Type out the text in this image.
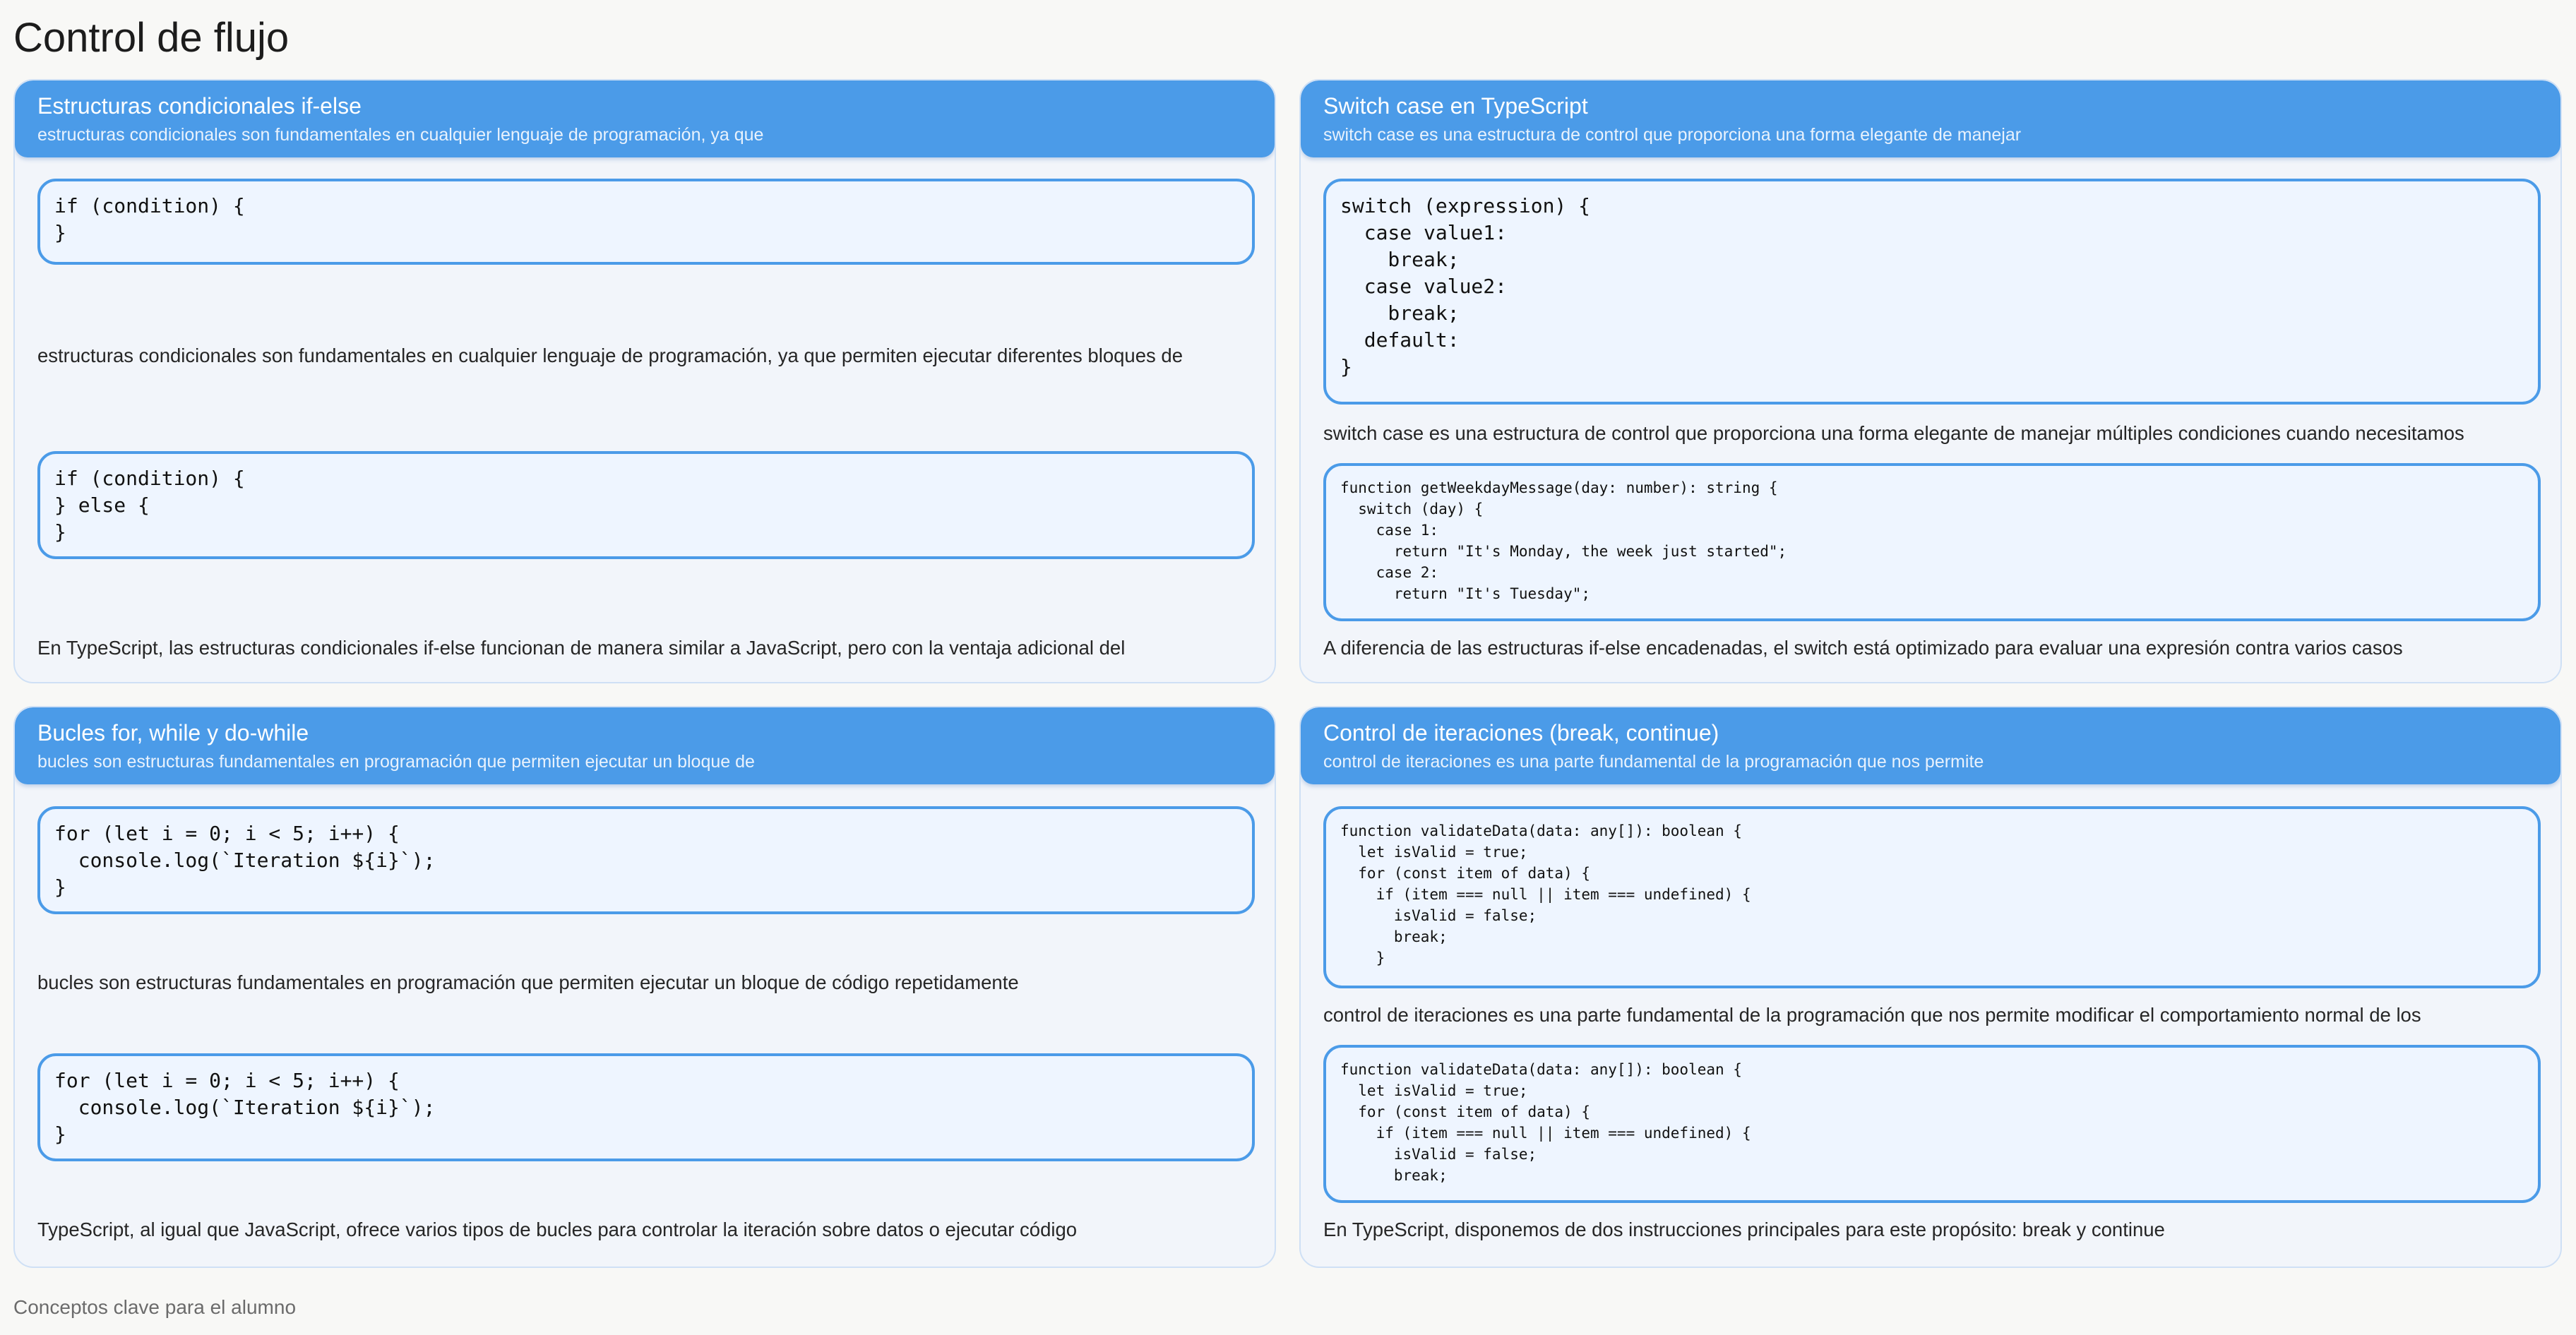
Control de flujo
Estructuras condicionales if-else
estructuras condicionales son fundamentales en cualquier lenguaje de programación, ya que
if (condition) {
}
estructuras condicionales son fundamentales en cualquier lenguaje de programación, ya que permiten ejecutar diferentes bloques de
if (condition) {
} else {
}
En TypeScript, las estructuras condicionales if-else funcionan de manera similar a JavaScript, pero con la ventaja adicional del
Switch case en TypeScript
switch case es una estructura de control que proporciona una forma elegante de manejar
switch (expression) {
case value1:
break;
case value2:
break;
default:
}
switch case es una estructura de control que proporciona una forma elegante de manejar múltiples condiciones cuando necesitamos
function getWeekdayMessage(day: number): string {
switch (day) {
case 1:
return "It's Monday, the week just started";
case 2:
return "It's Tuesday";
A diferencia de las estructuras if-else encadenadas, el switch está optimizado para evaluar una expresión contra varios casos
Bucles for, while y do-while
bucles son estructuras fundamentales en programación que permiten ejecutar un bloque de
for (let i = 0; i < 5; i++) {
console.log(`Iteration ${i}`);
}
bucles son estructuras fundamentales en programación que permiten ejecutar un bloque de código repetidamente
for (let i = 0; i < 5; i++) {
console.log(`Iteration ${i}`);
}
TypeScript, al igual que JavaScript, ofrece varios tipos de bucles para controlar la iteración sobre datos o ejecutar código
Control de iteraciones (break, continue)
control de iteraciones es una parte fundamental de la programación que nos permite
function validateData(data: any[]): boolean {
let isValid = true;
for (const item of data) {
if (item === null || item === undefined) {
isValid = false;
break;
}
control de iteraciones es una parte fundamental de la programación que nos permite modificar el comportamiento normal de los
function validateData(data: any[]): boolean {
let isValid = true;
for (const item of data) {
if (item === null || item === undefined) {
isValid = false;
break;
En TypeScript, disponemos de dos instrucciones principales para este propósito: break y continue
Conceptos clave para el alumno
